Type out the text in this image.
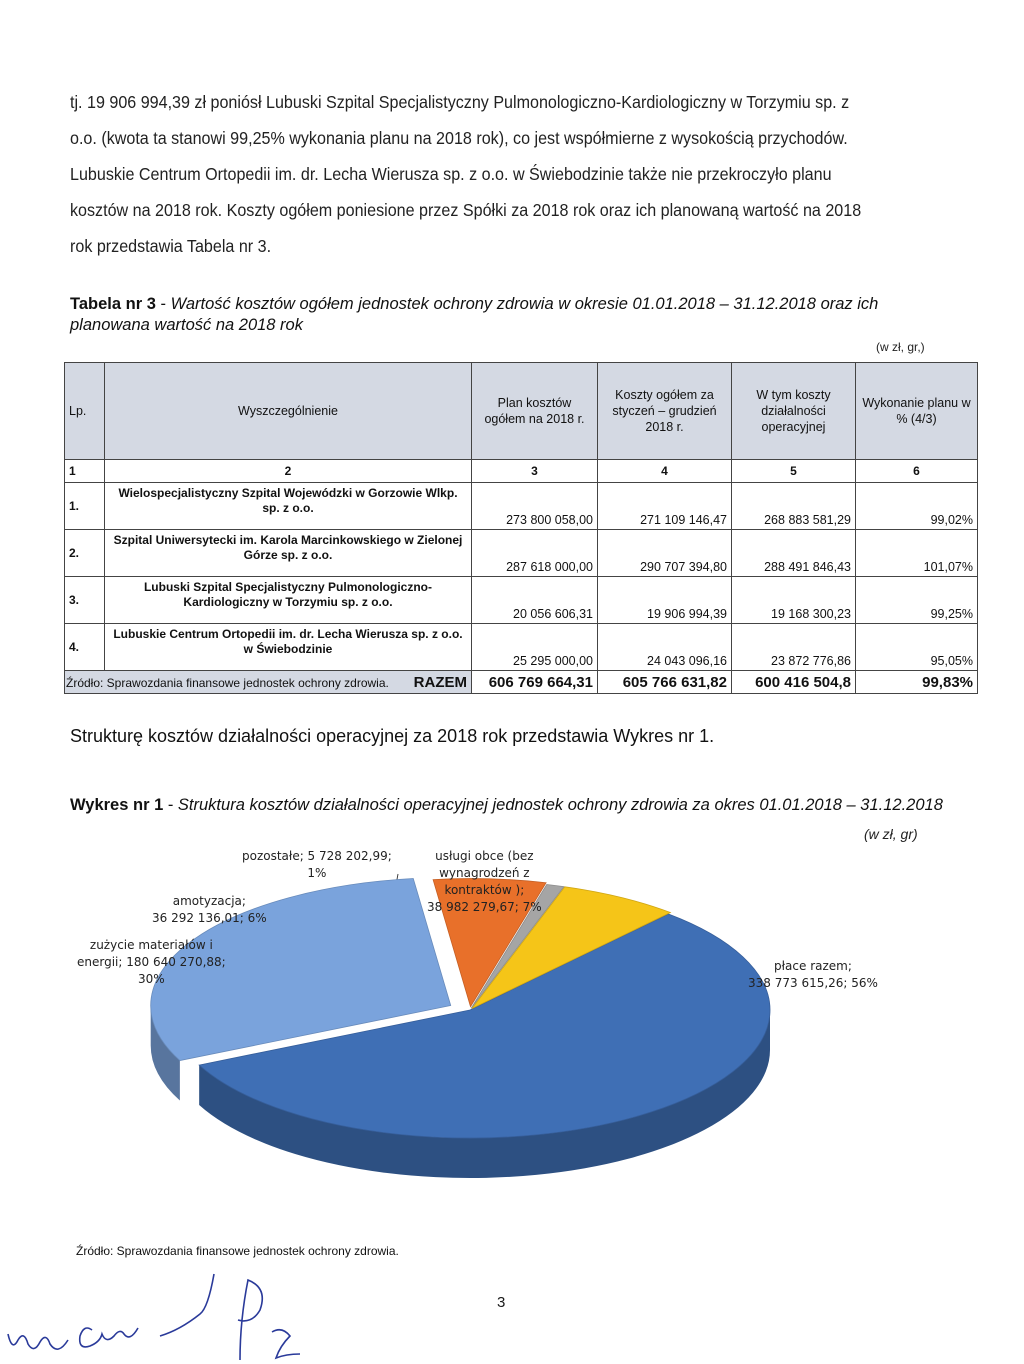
tj. 19 906 994,39 zł poniósł Lubuski Szpital Specjalistyczny Pulmonologiczno-Kardiologiczny w Torzymiu sp. z o.o. (kwota ta stanowi 99,25% wykonania planu na 2018 rok), co jest współmierne z wysokością przychodów. Lubuskie Centrum Ortopedii im. dr. Lecha Wierusza sp. z o.o. w Świebodzinie także nie przekroczyło planu kosztów na 2018 rok. Koszty ogółem poniesione przez Spółki za 2018 rok oraz ich planowaną wartość na 2018 rok przedstawia Tabela nr 3.
Tabela nr 3 - Wartość kosztów ogółem jednostek ochrony zdrowia w okresie 01.01.2018 – 31.12.2018 oraz ich planowana wartość na 2018 rok
(w zł, gr,)
Lp.	Wyszczególnienie	Plan kosztów ogółem na 2018 r.	Koszty ogółem za styczeń – grudzień 2018 r.	W tym koszty działalności operacyjnej	Wykonanie planu w % (4/3)
1	2	3	4	5	6
1.	Wielospecjalistyczny Szpital Wojewódzki w Gorzowie Wlkp. sp. z o.o.	273 800 058,00	271 109 146,47	268 883 581,29	99,02%
2.	Szpital Uniwersytecki im. Karola Marcinkowskiego w Zielonej Górze sp. z o.o.	287 618 000,00	290 707 394,80	288 491 846,43	101,07%
3.	Lubuski Szpital Specjalistyczny Pulmonologiczno-Kardiologiczny w Torzymiu sp. z o.o.	20 056 606,31	19 906 994,39	19 168 300,23	99,25%
4.	Lubuskie Centrum Ortopedii im. dr. Lecha Wierusza sp. z o.o. w Świebodzinie	25 295 000,00	24 043 096,16	23 872 776,86	95,05%
RAZEM		606 769 664,31	605 766 631,82	600 416 504,8	99,83%
Źródło: Sprawozdania finansowe jednostek ochrony zdrowia.
Strukturę kosztów działalności operacyjnej za 2018 rok przedstawia Wykres nr 1.
Wykres nr 1 - Struktura kosztów działalności operacyjnej jednostek ochrony zdrowia za okres 01.01.2018 – 31.12.2018
(w zł, gr)
płace razem;
338 773 615,26; 56%
zużycie materiałów i
energii; 180 640 270,88;
30%
amotyzacja;
36 292 136,01; 6%
pozostałe; 5 728 202,99;
1%
usługi obce (bez
wynagrodzeń z
kontraktów );
38 982 279,67; 7%
Źródło: Sprawozdania finansowe jednostek ochrony zdrowia.
3
